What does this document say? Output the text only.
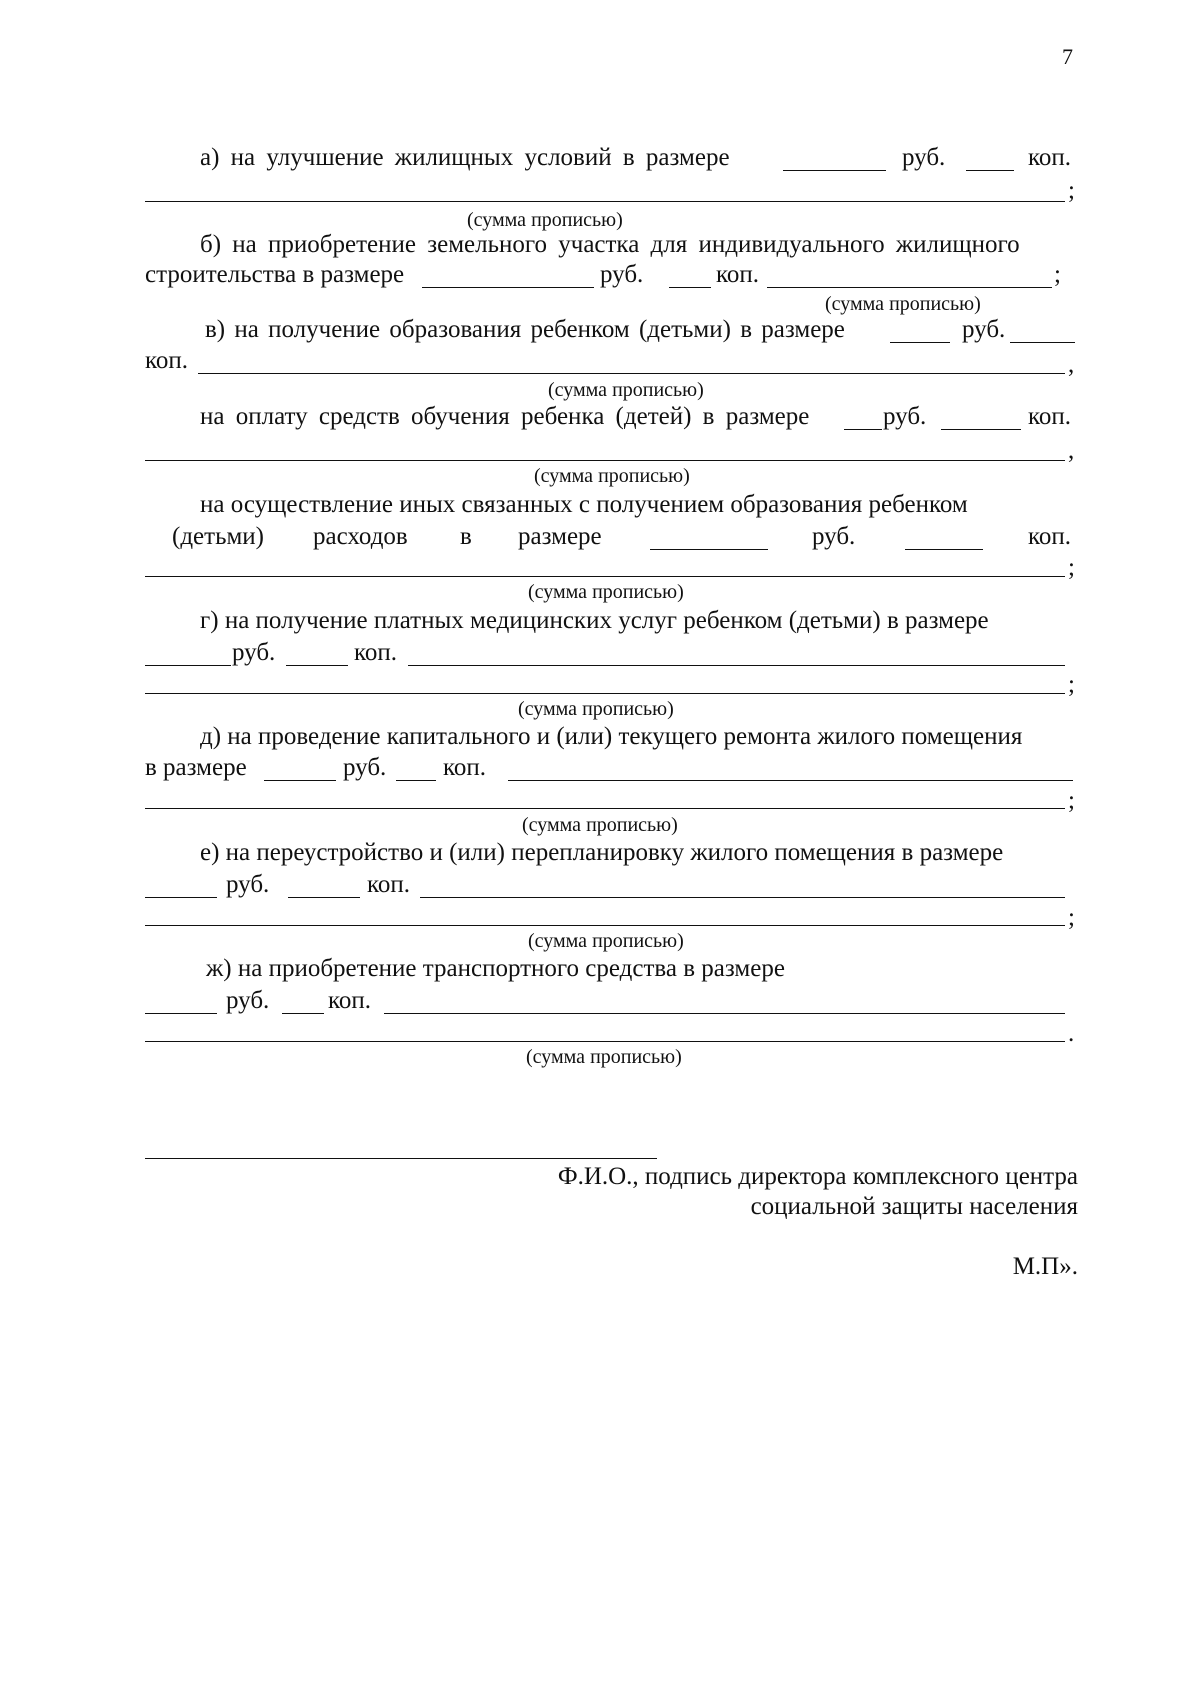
7
а) на улучшение жилищных условий в размере	руб.	коп.
;
(сумма прописью)
б) на приобретение земельного участка для индивидуального жилищного
строительства в размере	руб.	коп.	;
(сумма прописью)
в) на получение образования ребенком (детьми) в размере	руб.
коп.	,
(сумма прописью)
на оплату средств обучения ребенка (детей) в размере	руб.	коп.
,
(сумма прописью)
на осуществление иных связанных с получением образования ребенком
(детьми) расходов в размере	руб.	коп.
;
(сумма прописью)
г) на получение платных медицинских услуг ребенком (детьми) в размере
руб.	коп.
;
(сумма прописью)
д) на проведение капитального и (или) текущего ремонта жилого помещения
в размере	руб. коп.
;
(сумма прописью)
е) на переустройство и (или) перепланировку жилого помещения в размере
руб.	коп.
;
(сумма прописью)
ж) на приобретение транспортного средства в размере
руб. коп.
.
(сумма прописью)
Ф.И.О., подпись директора комплексного центра
социальной защиты населения
М.П».
